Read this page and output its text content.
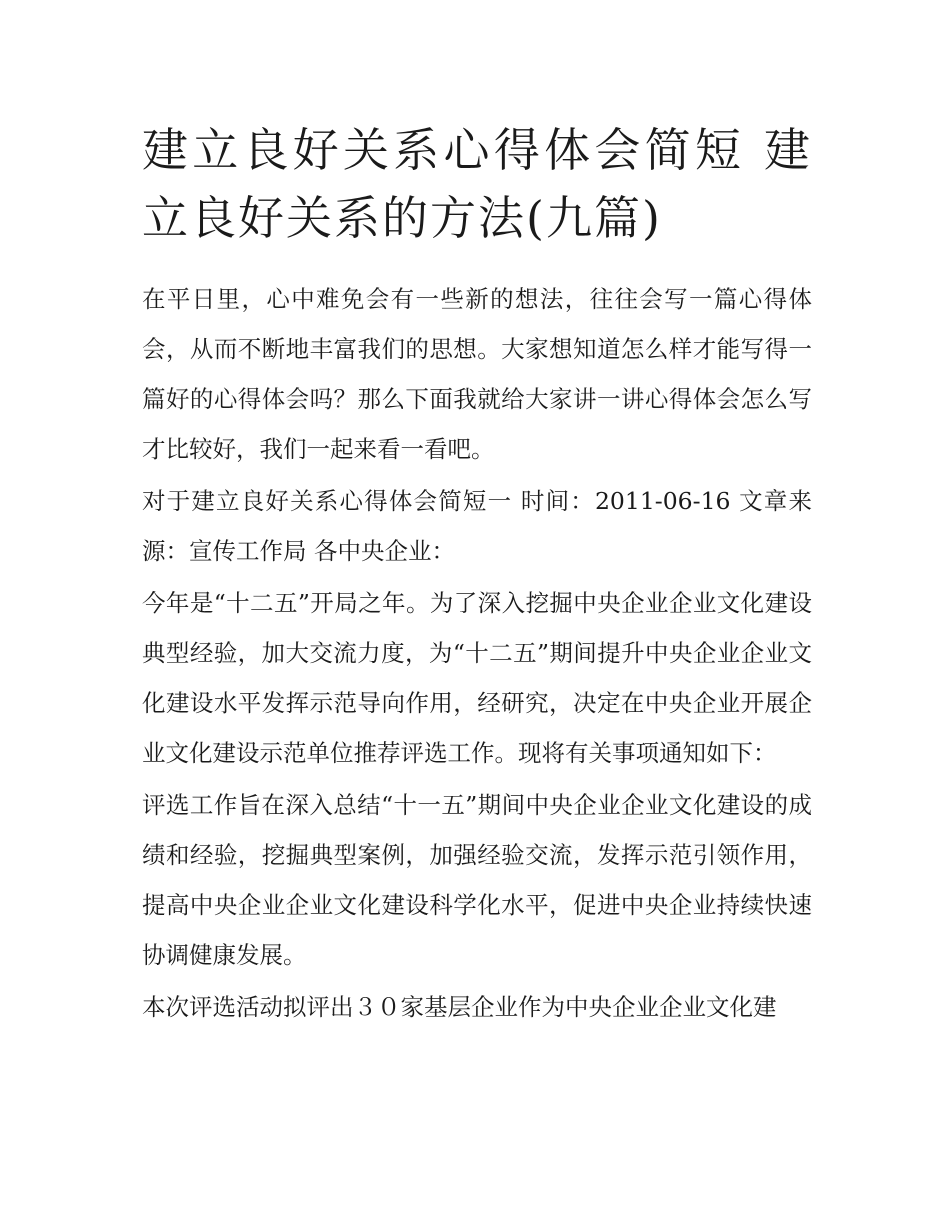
建立良好关系心得体会简短 建立良好关系的方法(九篇)

在平日里，心中难免会有一些新的想法，往往会写一篇心得体会，从而不断地丰富我们的思想。大家想知道怎么样才能写得一篇好的心得体会吗？那么下面我就给大家讲一讲心得体会怎么写才比较好，我们一起来看一看吧。

对于建立良好关系心得体会简短一 时间：2011-06-16 文章来源：宣传工作局 各中央企业：

今年是“十二五”开局之年。为了深入挖掘中央企业企业文化建设典型经验，加大交流力度，为“十二五”期间提升中央企业企业文化建设水平发挥示范导向作用，经研究，决定在中央企业开展企业文化建设示范单位推荐评选工作。现将有关事项通知如下：

评选工作旨在深入总结“十一五”期间中央企业企业文化建设的成绩和经验，挖掘典型案例，加强经验交流，发挥示范引领作用，提高中央企业企业文化建设科学化水平，促进中央企业持续快速协调健康发展。

本次评选活动拟评出３０家基层企业作为中央企业企业文化建
